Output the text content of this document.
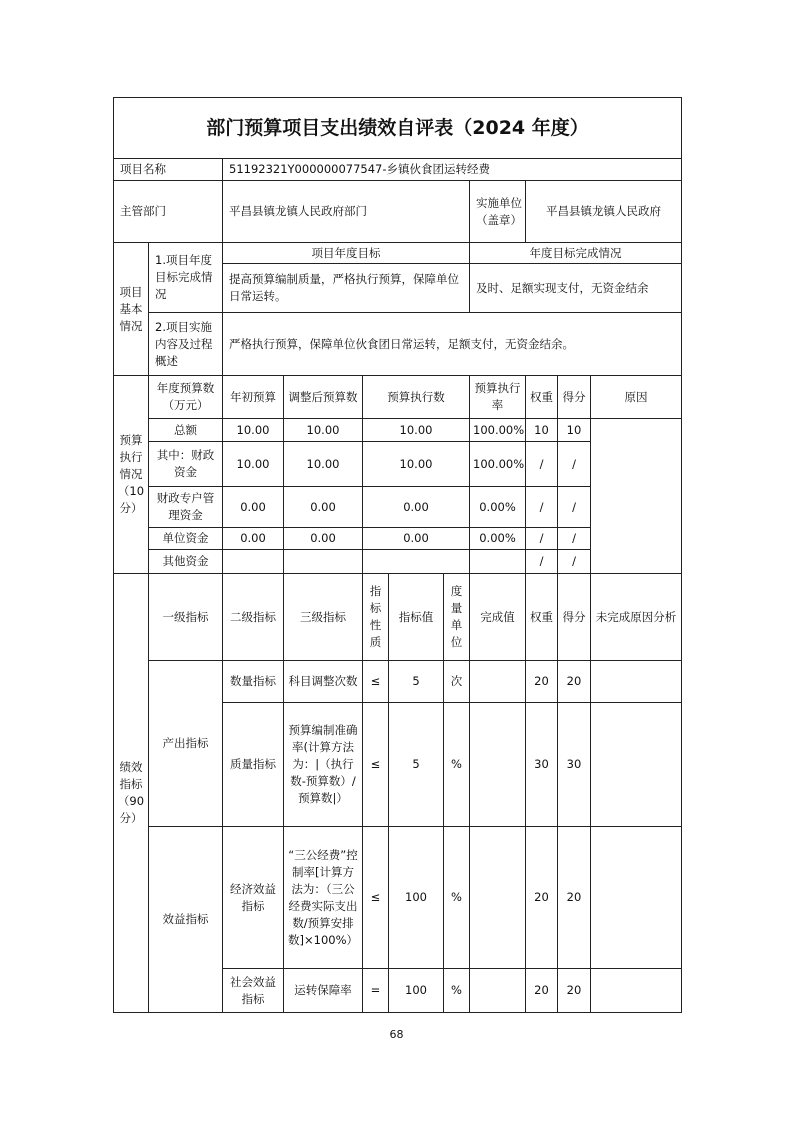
部门预算项目支出绩效自评表（2024 年度）										
项目名称		51192321Y000000077547-乡镇伙食团运转经费								
主管部门		平昌县镇龙镇人民政府部门					实施单位（盖章）	平昌县镇龙镇人民政府		
项目基本情况	1.项目年度目标完成情况	项目年度目标					年度目标完成情况			
		提高预算编制质量，严格执行预算，保障单位日常运转。					及时、足额实现支付，无资金结余			
	2.项目实施内容及过程概述	严格执行预算，保障单位伙食团日常运转，足额支付，无资金结余。								
预算执行情况（10分）	年度预算数（万元）	年初预算	调整后预算数	预算执行数			预算执行率	权重	得分	原因
	总额	10.00	10.00	10.00			100.00%	10	10	
	其中：财政资金	10.00	10.00	10.00			100.00%	/	/	
	财政专户管理资金	0.00	0.00	0.00			0.00%	/	/	
	单位资金	0.00	0.00	0.00			0.00%	/	/	
	其他资金							/	/	
绩效指标（90分）	一级指标	二级指标	三级指标	指标性质	指标值	度量单位	完成值	权重	得分	未完成原因分析
	产出指标	数量指标	科目调整次数	≤	5	次		20	20	
		质量指标	预算编制准确率(计算方法为：|（执行数-预算数）/预算数|）	≤	5	%		30	30	
	效益指标	经济效益指标	“三公经费”控制率[计算方法为：（三公经费实际支出数/预算安排数]×100%）	≤	100	%		20	20	
		社会效益指标	运转保障率	=	100	%		20	20	
68
